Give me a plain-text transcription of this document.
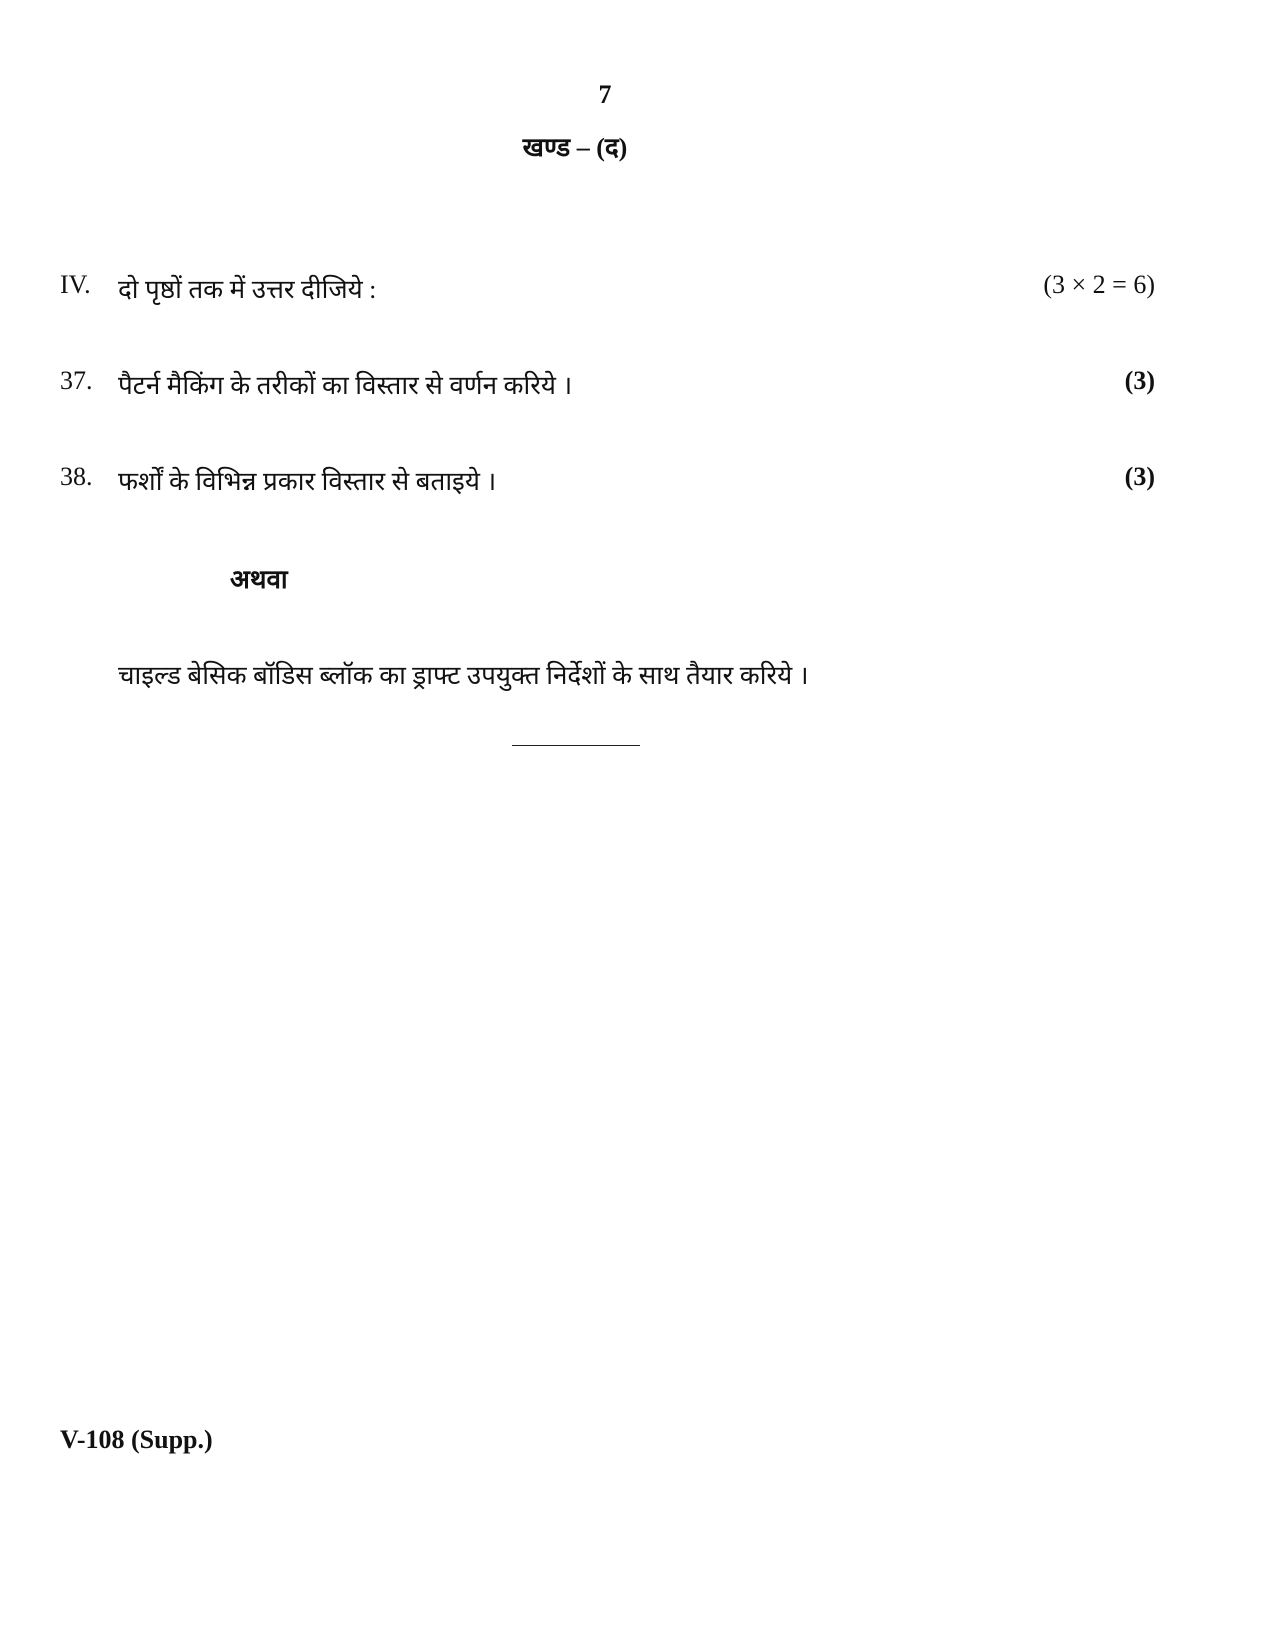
7
खण्ड – (द)
IV. दो पृष्ठों तक में उत्तर दीजिये :	(3 × 2 = 6)
37. पैटर्न मैकिंग के तरीकों का विस्तार से वर्णन करिये ।	(3)
38. फर्शों के विभिन्न प्रकार विस्तार से बताइये ।	(3)
अथवा
चाइल्ड बेसिक बॉडिस ब्लॉक का ड्राफ्ट उपयुक्त निर्देशों के साथ तैयार करिये ।
V-108 (Supp.)
